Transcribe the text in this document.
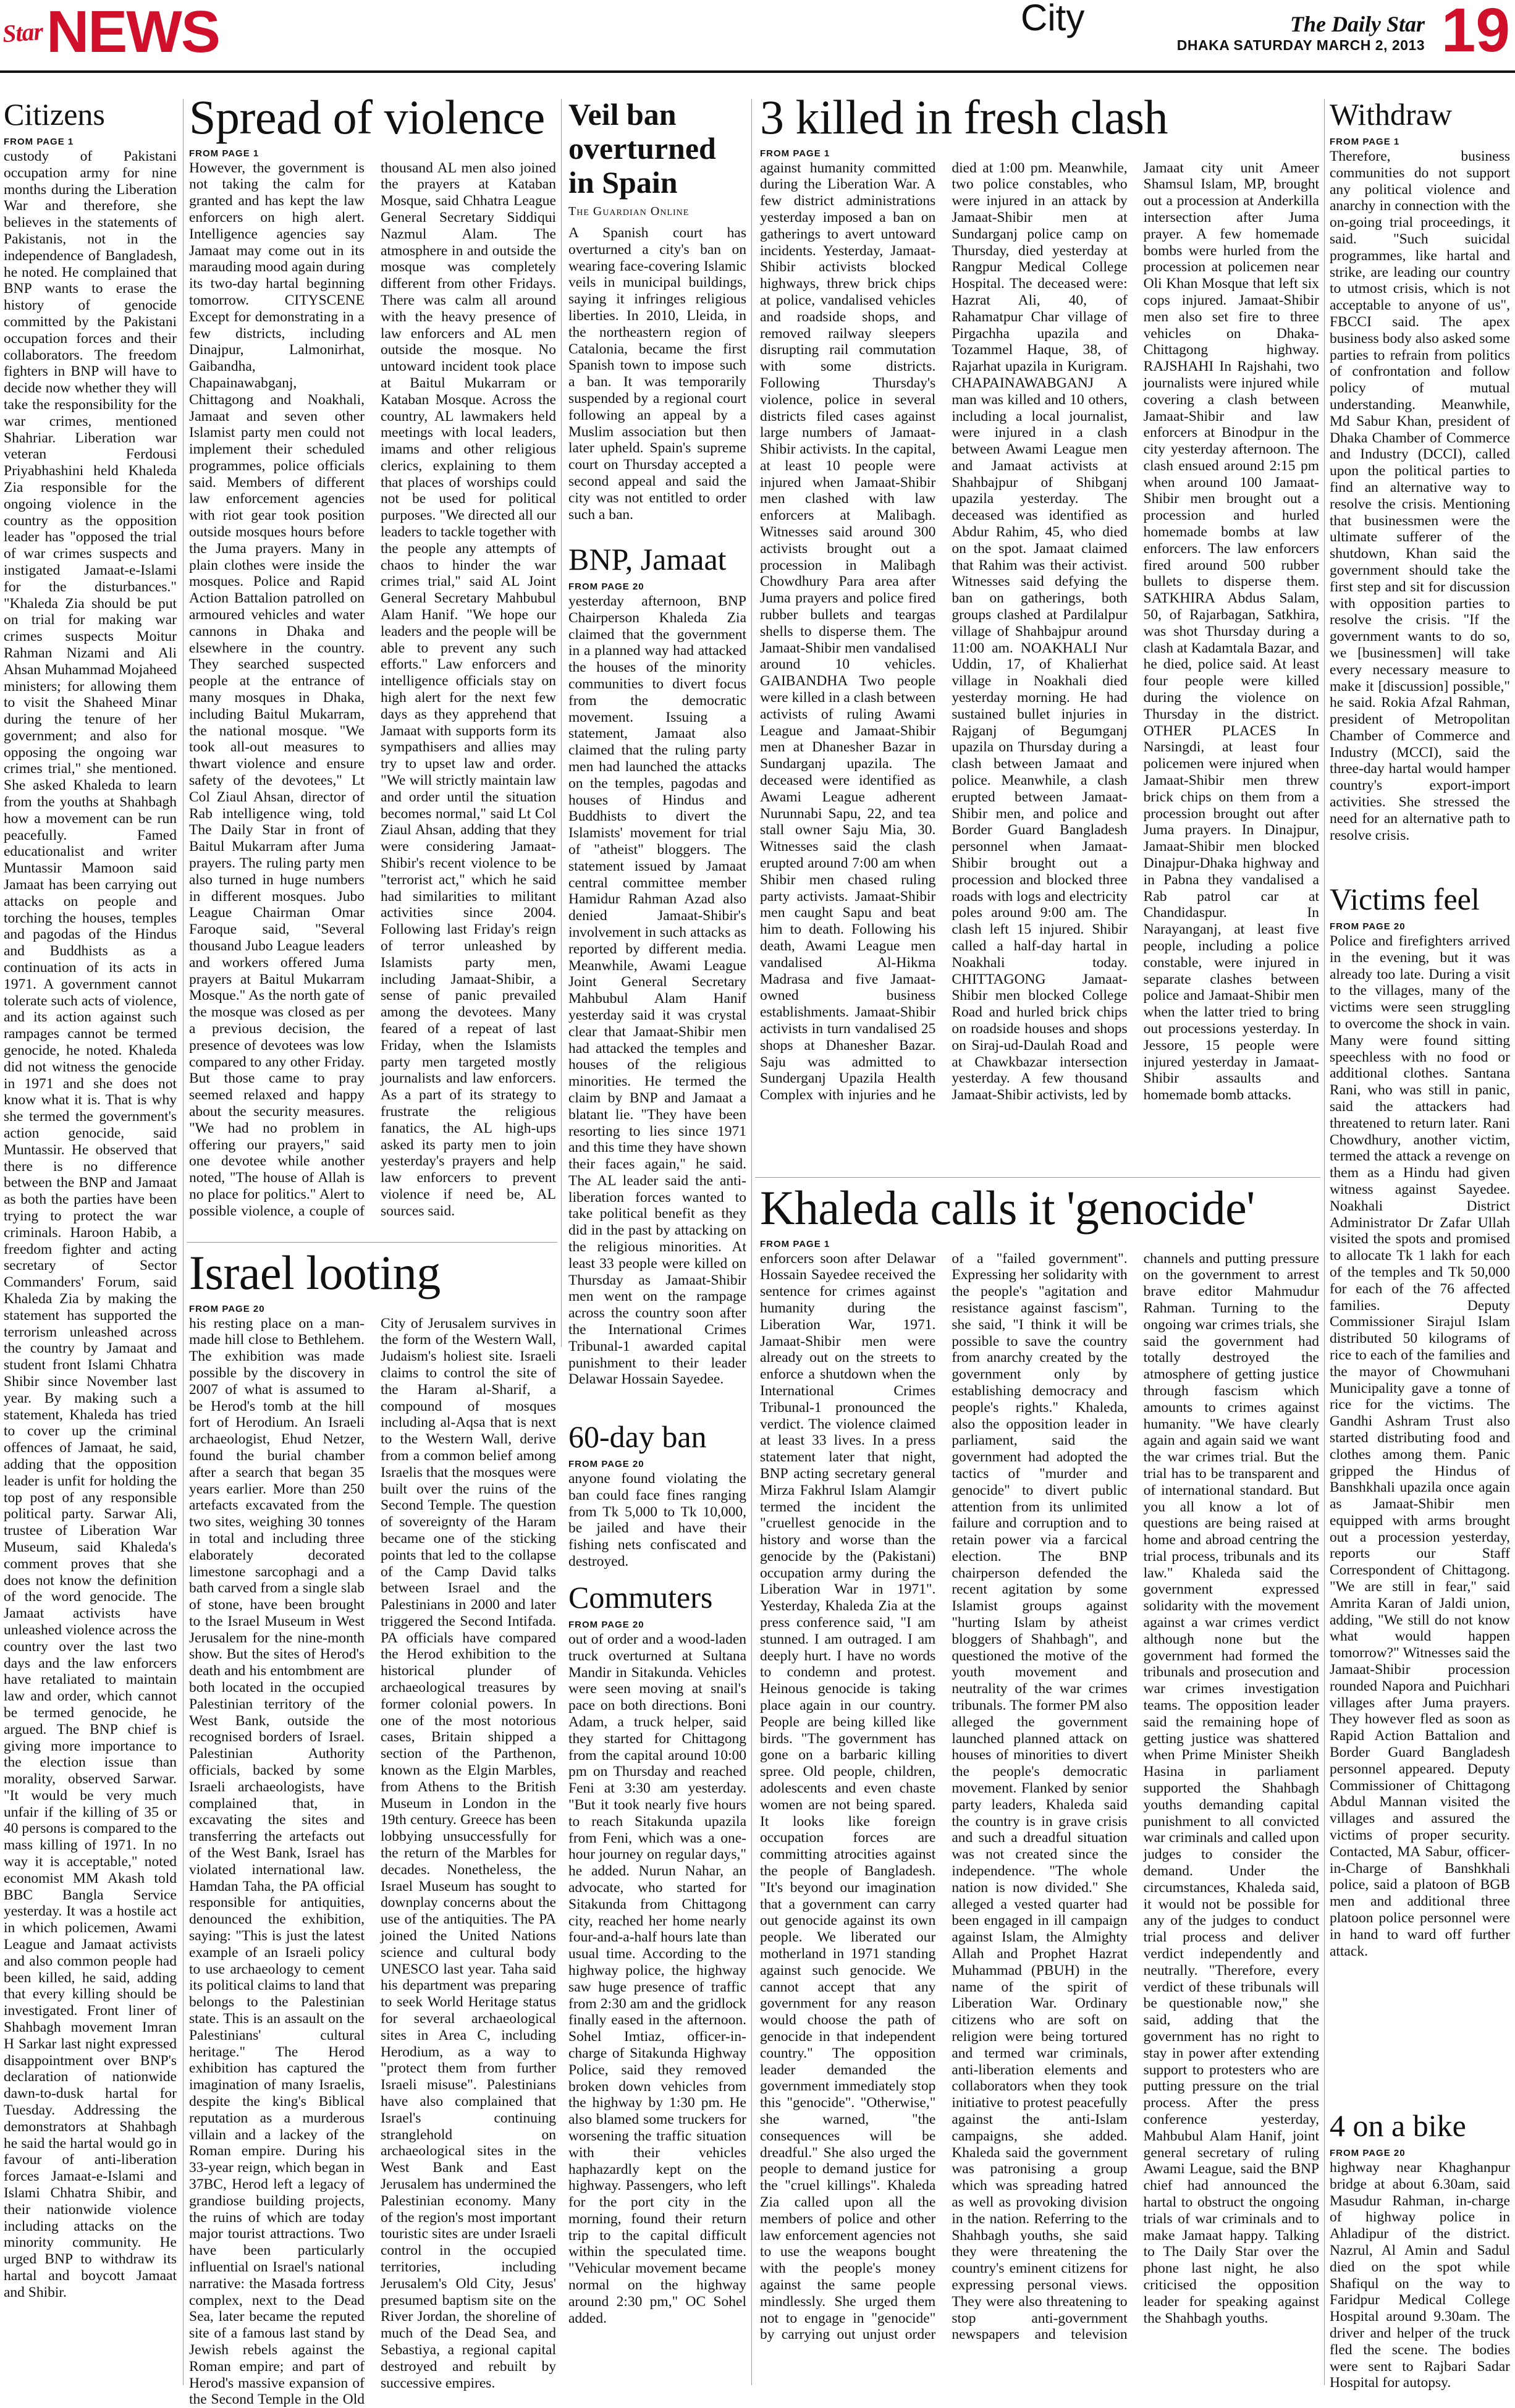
Star NEWS	City	The Daily Star
DHAKA SATURDAY MARCH 2, 2013 19
Citizens
FROM PAGE 1

custody of Pakistani occupation army for nine months during the Liberation War and therefore, she believes in the statements of Pakistanis, not in the independence of Bangladesh, he noted. He complained that BNP wants to erase the history of genocide committed by the Pakistani occupation forces and their collaborators. The freedom fighters in BNP will have to decide now whether they will take the responsibility for the war crimes, mentioned Shahriar. Liberation war veteran Ferdousi Priyabhashini held Khaleda Zia responsible for the ongoing violence in the country as the opposition leader has "opposed the trial of war crimes suspects and instigated Jamaat-e-Islami for the disturbances." "Khaleda Zia should be put on trial for making war crimes suspects Moitur Rahman Nizami and Ali Ahsan Muhammad Mojaheed ministers; for allowing them to visit the Shaheed Minar during the tenure of her government; and also for opposing the ongoing war crimes trial," she mentioned. She asked Khaleda to learn from the youths at Shahbagh how a movement can be run peacefully. Famed educationalist and writer Muntassir Mamoon said Jamaat has been carrying out attacks on people and torching the houses, temples and pagodas of the Hindus and Buddhists as a continuation of its acts in 1971. A government cannot tolerate such acts of violence, and its action against such rampages cannot be termed genocide, he noted. Khaleda did not witness the genocide in 1971 and she does not know what it is. That is why she termed the government's action genocide, said Muntassir. He observed that there is no difference between the BNP and Jamaat as both the parties have been trying to protect the war criminals. Haroon Habib, a freedom fighter and acting secretary of Sector Commanders' Forum, said Khaleda Zia by making the statement has supported the terrorism unleashed across the country by Jamaat and student front Islami Chhatra Shibir since November last year. By making such a statement, Khaleda has tried to cover up the criminal offences of Jamaat, he said, adding that the opposition leader is unfit for holding the top post of any responsible political party. Sarwar Ali, trustee of Liberation War Museum, said Khaleda's comment proves that she does not know the definition of the word genocide. The Jamaat activists have unleashed violence across the country over the last two days and the law enforcers have retaliated to maintain law and order, which cannot be termed genocide, he argued. The BNP chief is giving more importance to the election issue than morality, observed Sarwar. "It would be very much unfair if the killing of 35 or 40 persons is compared to the mass killing of 1971. In no way it is acceptable," noted economist MM Akash told BBC Bangla Service yesterday. It was a hostile act in which policemen, Awami League and Jamaat activists and also common people had been killed, he said, adding that every killing should be investigated. Front liner of Shahbagh movement Imran H Sarkar last night expressed disappointment over BNP's declaration of nationwide dawn-to-dusk hartal for Tuesday. Addressing the demonstrators at Shahbagh he said the hartal would go in favour of anti-liberation forces Jamaat-e-Islami and Islami Chhatra Shibir, and their nationwide violence including attacks on the minority community. He urged BNP to withdraw its hartal and boycott Jamaat and Shibir.

Spread of violence
FROM PAGE 1

However, the government is not taking the calm for granted and has kept the law enforcers on high alert. Intelligence agencies say Jamaat may come out in its marauding mood again during its two-day hartal beginning tomorrow. CITYSCENE Except for demonstrating in a few districts, including Dinajpur, Lalmonirhat, Gaibandha, Chapainawabganj, Chittagong and Noakhali, Jamaat and seven other Islamist party men could not implement their scheduled programmes, police officials said. Members of different law enforcement agencies with riot gear took position outside mosques hours before the Juma prayers. Many in plain clothes were inside the mosques. Police and Rapid Action Battalion patrolled on armoured vehicles and water cannons in Dhaka and elsewhere in the country. They searched suspected people at the entrance of many mosques in Dhaka, including Baitul Mukarram, the national mosque. "We took all-out measures to thwart violence and ensure safety of the devotees," Lt Col Ziaul Ahsan, director of Rab intelligence wing, told The Daily Star in front of Baitul Mukarram after Juma prayers. The ruling party men also turned in huge numbers in different mosques. Jubo League Chairman Omar Faroque said, "Several thousand Jubo League leaders and workers offered Juma prayers at Baitul Mukarram Mosque." As the north gate of the mosque was closed as per a previous decision, the presence of devotees was low compared to any other Friday. But those came to pray seemed relaxed and happy about the security measures. "We had no problem in offering our prayers," said one devotee while another noted, "The house of Allah is no place for politics." Alert to possible violence, a couple of thousand AL men also joined the prayers at Kataban Mosque, said Chhatra League General Secretary Siddiqui Nazmul Alam. The atmosphere in and outside the mosque was completely different from other Fridays. There was calm all around with the heavy presence of law enforcers and AL men outside the mosque. No untoward incident took place at Baitul Mukarram or Kataban Mosque. Across the country, AL lawmakers held meetings with local leaders, imams and other religious clerics, explaining to them that places of worships could not be used for political purposes. "We directed all our leaders to tackle together with the people any attempts of chaos to hinder the war crimes trial," said AL Joint General Secretary Mahbubul Alam Hanif. "We hope our leaders and the people will be able to prevent any such efforts." Law enforcers and intelligence officials stay on high alert for the next few days as they apprehend that Jamaat with supports form its sympathisers and allies may try to upset law and order. "We will strictly maintain law and order until the situation becomes normal," said Lt Col Ziaul Ahsan, adding that they were considering Jamaat-Shibir's recent violence to be "terrorist act," which he said had similarities to militant activities since 2004. Following last Friday's reign of terror unleashed by Islamists party men, including Jamaat-Shibir, a sense of panic prevailed among the devotees. Many feared of a repeat of last Friday, when the Islamists party men targeted mostly journalists and law enforcers. As a part of its strategy to frustrate the religious fanatics, the AL high-ups asked its party men to join yesterday's prayers and help law enforcers to prevent violence if need be, AL sources said.

Israel looting
FROM PAGE 20

his resting place on a man-made hill close to Bethlehem. The exhibition was made possible by the discovery in 2007 of what is assumed to be Herod's tomb at the hill fort of Herodium. An Israeli archaeologist, Ehud Netzer, found the burial chamber after a search that began 35 years earlier. More than 250 artefacts excavated from the two sites, weighing 30 tonnes in total and including three elaborately decorated limestone sarcophagi and a bath carved from a single slab of stone, have been brought to the Israel Museum in West Jerusalem for the nine-month show. But the sites of Herod's death and his entombment are both located in the occupied Palestinian territory of the West Bank, outside the recognised borders of Israel. Palestinian Authority officials, backed by some Israeli archaeologists, have complained that, in excavating the sites and transferring the artefacts out of the West Bank, Israel has violated international law. Hamdan Taha, the PA official responsible for antiquities, denounced the exhibition, saying: "This is just the latest example of an Israeli policy to use archaeology to cement its political claims to land that belongs to the Palestinian state. This is an assault on the Palestinians' cultural heritage." The Herod exhibition has captured the imagination of many Israelis, despite the king's Biblical reputation as a murderous villain and a lackey of the Roman empire. During his 33-year reign, which began in 37BC, Herod left a legacy of grandiose building projects, the ruins of which are today major tourist attractions. Two have been particularly influential on Israel's national narrative: the Masada fortress complex, next to the Dead Sea, later became the reputed site of a famous last stand by Jewish rebels against the Roman empire; and part of Herod's massive expansion of the Second Temple in the Old City of Jerusalem survives in the form of the Western Wall, Judaism's holiest site. Israeli claims to control the site of the Haram al-Sharif, a compound of mosques including al-Aqsa that is next to the Western Wall, derive from a common belief among Israelis that the mosques were built over the ruins of the Second Temple. The question of sovereignty of the Haram became one of the sticking points that led to the collapse of the Camp David talks between Israel and the Palestinians in 2000 and later triggered the Second Intifada. PA officials have compared the Herod exhibition to the historical plunder of archaeological treasures by former colonial powers. In one of the most notorious cases, Britain shipped a section of the Parthenon, known as the Elgin Marbles, from Athens to the British Museum in London in the 19th century. Greece has been lobbying unsuccessfully for the return of the Marbles for decades. Nonetheless, the Israel Museum has sought to downplay concerns about the use of the antiquities. The PA joined the United Nations science and cultural body UNESCO last year. Taha said his department was preparing to seek World Heritage status for several archaeological sites in Area C, including Herodium, as a way to "protect them from further Israeli misuse". Palestinians have also complained that Israel's continuing stranglehold on archaeological sites in the West Bank and East Jerusalem has undermined the Palestinian economy. Many of the region's most important touristic sites are under Israeli control in the occupied territories, including Jerusalem's Old City, Jesus' presumed baptism site on the River Jordan, the shoreline of much of the Dead Sea, and Sebastiya, a regional capital destroyed and rebuilt by successive empires.

Veil ban overturned in Spain
The Guardian Online

A Spanish court has overturned a city's ban on wearing face-covering Islamic veils in municipal buildings, saying it infringes religious liberties. In 2010, Lleida, in the northeastern region of Catalonia, became the first Spanish town to impose such a ban. It was temporarily suspended by a regional court following an appeal by a Muslim association but then later upheld. Spain's supreme court on Thursday accepted a second appeal and said the city was not entitled to order such a ban.

BNP, Jamaat
FROM PAGE 20

yesterday afternoon, BNP Chairperson Khaleda Zia claimed that the government in a planned way had attacked the houses of the minority communities to divert focus from the democratic movement. Issuing a statement, Jamaat also claimed that the ruling party men had launched the attacks on the temples, pagodas and houses of Hindus and Buddhists to divert the Islamists' movement for trial of "atheist" bloggers. The statement issued by Jamaat central committee member Hamidur Rahman Azad also denied Jamaat-Shibir's involvement in such attacks as reported by different media. Meanwhile, Awami League Joint General Secretary Mahbubul Alam Hanif yesterday said it was crystal clear that Jamaat-Shibir men had attacked the temples and houses of the religious minorities. He termed the claim by BNP and Jamaat a blatant lie. "They have been resorting to lies since 1971 and this time they have shown their faces again," he said. The AL leader said the anti-liberation forces wanted to take political benefit as they did in the past by attacking on the religious minorities. At least 33 people were killed on Thursday as Jamaat-Shibir men went on the rampage across the country soon after the International Crimes Tribunal-1 awarded capital punishment to their leader Delawar Hossain Sayedee.

60-day ban
FROM PAGE 20

anyone found violating the ban could face fines ranging from Tk 5,000 to Tk 10,000, be jailed and have their fishing nets confiscated and destroyed.

Commuters
FROM PAGE 20

out of order and a wood-laden truck overturned at Sultana Mandir in Sitakunda. Vehicles were seen moving at snail's pace on both directions. Boni Adam, a truck helper, said they started for Chittagong from the capital around 10:00 pm on Thursday and reached Feni at 3:30 am yesterday. "But it took nearly five hours to reach Sitakunda upazila from Feni, which was a one-hour journey on regular days," he added. Nurun Nahar, an advocate, who started for Sitakunda from Chittagong city, reached her home nearly four-and-a-half hours late than usual time. According to the highway police, the highway saw huge presence of traffic from 2:30 am and the gridlock finally eased in the afternoon. Sohel Imtiaz, officer-in-charge of Sitakunda Highway Police, said they removed broken down vehicles from the highway by 1:30 pm. He also blamed some truckers for worsening the traffic situation with their vehicles haphazardly kept on the highway. Passengers, who left for the port city in the morning, found their return trip to the capital difficult within the speculated time. "Vehicular movement became normal on the highway around 2:30 pm," OC Sohel added.

3 killed in fresh clash
FROM PAGE 1

against humanity committed during the Liberation War. A few district administrations yesterday imposed a ban on gatherings to avert untoward incidents. Yesterday, Jamaat-Shibir activists blocked highways, threw brick chips at police, vandalised vehicles and roadside shops, and removed railway sleepers disrupting rail commutation with some districts. Following Thursday's violence, police in several districts filed cases against large numbers of Jamaat-Shibir activists. In the capital, at least 10 people were injured when Jamaat-Shibir men clashed with law enforcers at Malibagh. Witnesses said around 300 activists brought out a procession in Malibagh Chowdhury Para area after Juma prayers and police fired rubber bullets and teargas shells to disperse them. The Jamaat-Shibir men vandalised around 10 vehicles. GAIBANDHA Two people were killed in a clash between activists of ruling Awami League and Jamaat-Shibir men at Dhanesher Bazar in Sundarganj upazila. The deceased were identified as Awami League adherent Nurunnabi Sapu, 22, and tea stall owner Saju Mia, 30. Witnesses said the clash erupted around 7:00 am when Shibir men chased ruling party activists. Jamaat-Shibir men caught Sapu and beat him to death. Following his death, Awami League men vandalised Al-Hikma Madrasa and five Jamaat-owned business establishments. Jamaat-Shibir activists in turn vandalised 25 shops at Dhanesher Bazar. Saju was admitted to Sunderganj Upazila Health Complex with injuries and he died at 1:00 pm. Meanwhile, two police constables, who were injured in an attack by Jamaat-Shibir men at Sundarganj police camp on Thursday, died yesterday at Rangpur Medical College Hospital. The deceased were: Hazrat Ali, 40, of Rahamatpur Char village of Pirgachha upazila and Tozammel Haque, 38, of Rajarhat upazila in Kurigram. CHAPAINAWABGANJ A man was killed and 10 others, including a local journalist, were injured in a clash between Awami League men and Jamaat activists at Shahbajpur of Shibganj upazila yesterday. The deceased was identified as Abdur Rahim, 45, who died on the spot. Jamaat claimed that Rahim was their activist. Witnesses said defying the ban on gatherings, both groups clashed at Pardilalpur village of Shahbajpur around 11:00 am. NOAKHALI Nur Uddin, 17, of Khalierhat village in Noakhali died yesterday morning. He had sustained bullet injuries in Rajganj of Begumganj upazila on Thursday during a clash between Jamaat and police. Meanwhile, a clash erupted between Jamaat-Shibir men, and police and Border Guard Bangladesh personnel when Jamaat-Shibir brought out a procession and blocked three roads with logs and electricity poles around 9:00 am. The clash left 15 injured. Shibir called a half-day hartal in Noakhali today. CHITTAGONG Jamaat-Shibir men blocked College Road and hurled brick chips on roadside houses and shops on Siraj-ud-Daulah Road and at Chawkbazar intersection yesterday. A few thousand Jamaat-Shibir activists, led by Jamaat city unit Ameer Shamsul Islam, MP, brought out a procession at Anderkilla intersection after Juma prayer. A few homemade bombs were hurled from the procession at policemen near Oli Khan Mosque that left six cops injured. Jamaat-Shibir men also set fire to three vehicles on Dhaka-Chittagong highway. RAJSHAHI In Rajshahi, two journalists were injured while covering a clash between Jamaat-Shibir and law enforcers at Binodpur in the city yesterday afternoon. The clash ensued around 2:15 pm when around 100 Jamaat-Shibir men brought out a procession and hurled homemade bombs at law enforcers. The law enforcers fired around 500 rubber bullets to disperse them. SATKHIRA Abdus Salam, 50, of Rajarbagan, Satkhira, was shot Thursday during a clash at Kadamtala Bazar, and he died, police said. At least four people were killed during the violence on Thursday in the district. OTHER PLACES In Narsingdi, at least four policemen were injured when Jamaat-Shibir men threw brick chips on them from a procession brought out after Juma prayers. In Dinajpur, Jamaat-Shibir men blocked Dinajpur-Dhaka highway and in Pabna they vandalised a Rab patrol car at Chandidaspur. In Narayanganj, at least five people, including a police constable, were injured in separate clashes between police and Jamaat-Shibir men when the latter tried to bring out processions yesterday. In Jessore, 15 people were injured yesterday in Jamaat-Shibir assaults and homemade bomb attacks.

Khaleda calls it 'genocide'
FROM PAGE 1

enforcers soon after Delawar Hossain Sayedee received the sentence for crimes against humanity during the Liberation War, 1971. Jamaat-Shibir men were already out on the streets to enforce a shutdown when the International Crimes Tribunal-1 pronounced the verdict. The violence claimed at least 33 lives. In a press statement later that night, BNP acting secretary general Mirza Fakhrul Islam Alamgir termed the incident the "cruellest genocide in the history and worse than the genocide by the (Pakistani) occupation army during the Liberation War in 1971". Yesterday, Khaleda Zia at the press conference said, "I am stunned. I am outraged. I am deeply hurt. I have no words to condemn and protest. Heinous genocide is taking place again in our country. People are being killed like birds. "The government has gone on a barbaric killing spree. Old people, children, adolescents and even chaste women are not being spared. It looks like foreign occupation forces are committing atrocities against the people of Bangladesh. "It's beyond our imagination that a government can carry out genocide against its own people. We liberated our motherland in 1971 standing against such genocide. We cannot accept that any government for any reason would choose the path of genocide in that independent country." The opposition leader demanded the government immediately stop this "genocide". "Otherwise," she warned, "the consequences will be dreadful." She also urged the people to demand justice for the "cruel killings". Khaleda Zia called upon all the members of police and other law enforcement agencies not to use the weapons bought with the people's money against the same people mindlessly. She urged them not to engage in "genocide" by carrying out unjust order of a "failed government". Expressing her solidarity with the people's "agitation and resistance against fascism", she said, "I think it will be possible to save the country from anarchy created by the government only by establishing democracy and people's rights." Khaleda, also the opposition leader in parliament, said the government had adopted the tactics of "murder and genocide" to divert public attention from its unlimited failure and corruption and to retain power via a farcical election. The BNP chairperson defended the recent agitation by some Islamist groups against "hurting Islam by atheist bloggers of Shahbagh", and questioned the motive of the youth movement and neutrality of the war crimes tribunals. The former PM also alleged the government launched planned attack on houses of minorities to divert the people's democratic movement. Flanked by senior party leaders, Khaleda said the country is in grave crisis and such a dreadful situation was not created since the independence. "The whole nation is now divided." She alleged a vested quarter had been engaged in ill campaign against Islam, the Almighty Allah and Prophet Hazrat Muhammad (PBUH) in the name of the spirit of Liberation War. Ordinary citizens who are soft on religion were being tortured and termed war criminals, anti-liberation elements and collaborators when they took initiative to protest peacefully against the anti-Islam campaigns, she added. Khaleda said the government was patronising a group which was spreading hatred as well as provoking division in the nation. Referring to the Shahbagh youths, she said they were threatening the country's eminent citizens for expressing personal views. They were also threatening to stop anti-government newspapers and television channels and putting pressure on the government to arrest brave editor Mahmudur Rahman. Turning to the ongoing war crimes trials, she said the government had totally destroyed the atmosphere of getting justice through fascism which amounts to crimes against humanity. "We have clearly again and again said we want the war crimes trial. But the trial has to be transparent and of international standard. But you all know a lot of questions are being raised at home and abroad centring the trial process, tribunals and its law." Khaleda said the government expressed solidarity with the movement against a war crimes verdict although none but the government had formed the tribunals and prosecution and war crimes investigation teams. The opposition leader said the remaining hope of getting justice was shattered when Prime Minister Sheikh Hasina in parliament supported the Shahbagh youths demanding capital punishment to all convicted war criminals and called upon judges to consider the demand. Under the circumstances, Khaleda said, it would not be possible for any of the judges to conduct trial process and deliver verdict independently and neutrally. "Therefore, every verdict of these tribunals will be questionable now," she said, adding that the government has no right to stay in power after extending support to protesters who are putting pressure on the trial process. After the press conference yesterday, Mahbubul Alam Hanif, joint general secretary of ruling Awami League, said the BNP chief had announced the hartal to obstruct the ongoing trials of war criminals and to make Jamaat happy. Talking to The Daily Star over the phone last night, he also criticised the opposition leader for speaking against the Shahbagh youths.

Withdraw
FROM PAGE 1

Therefore, business communities do not support any political violence and anarchy in connection with the on-going trial proceedings, it said. "Such suicidal programmes, like hartal and strike, are leading our country to utmost crisis, which is not acceptable to anyone of us", FBCCI said. The apex business body also asked some parties to refrain from politics of confrontation and follow policy of mutual understanding. Meanwhile, Md Sabur Khan, president of Dhaka Chamber of Commerce and Industry (DCCI), called upon the political parties to find an alternative way to resolve the crisis. Mentioning that businessmen were the ultimate sufferer of the shutdown, Khan said the government should take the first step and sit for discussion with opposition parties to resolve the crisis. "If the government wants to do so, we [businessmen] will take every necessary measure to make it [discussion] possible," he said. Rokia Afzal Rahman, president of Metropolitan Chamber of Commerce and Industry (MCCI), said the three-day hartal would hamper country's export-import activities. She stressed the need for an alternative path to resolve crisis.

Victims feel
FROM PAGE 20

Police and firefighters arrived in the evening, but it was already too late. During a visit to the villages, many of the victims were seen struggling to overcome the shock in vain. Many were found sitting speechless with no food or additional clothes. Santana Rani, who was still in panic, said the attackers had threatened to return later. Rani Chowdhury, another victim, termed the attack a revenge on them as a Hindu had given witness against Sayedee. Noakhali District Administrator Dr Zafar Ullah visited the spots and promised to allocate Tk 1 lakh for each of the temples and Tk 50,000 for each of the 76 affected families. Deputy Commissioner Sirajul Islam distributed 50 kilograms of rice to each of the families and the mayor of Chowmuhani Municipality gave a tonne of rice for the victims. The Gandhi Ashram Trust also started distributing food and clothes among them. Panic gripped the Hindus of Banshkhali upazila once again as Jamaat-Shibir men equipped with arms brought out a procession yesterday, reports our Staff Correspondent of Chittagong. "We are still in fear," said Amrita Karan of Jaldi union, adding, "We still do not know what would happen tomorrow?" Witnesses said the Jamaat-Shibir procession rounded Napora and Puichhari villages after Juma prayers. They however fled as soon as Rapid Action Battalion and Border Guard Bangladesh personnel appeared. Deputy Commissioner of Chittagong Abdul Mannan visited the villages and assured the victims of proper security. Contacted, MA Sabur, officer-in-Charge of Banshkhali police, said a platoon of BGB men and additional three platoon police personnel were in hand to ward off further attack.

4 on a bike
FROM PAGE 20

highway near Khaghanpur bridge at about 6.30am, said Masudur Rahman, in-charge of highway police in Ahladipur of the district. Nazrul, Al Amin and Sadul died on the spot while Shafiqul on the way to Faridpur Medical College Hospital around 9.30am. The driver and helper of the truck fled the scene. The bodies were sent to Rajbari Sadar Hospital for autopsy.
